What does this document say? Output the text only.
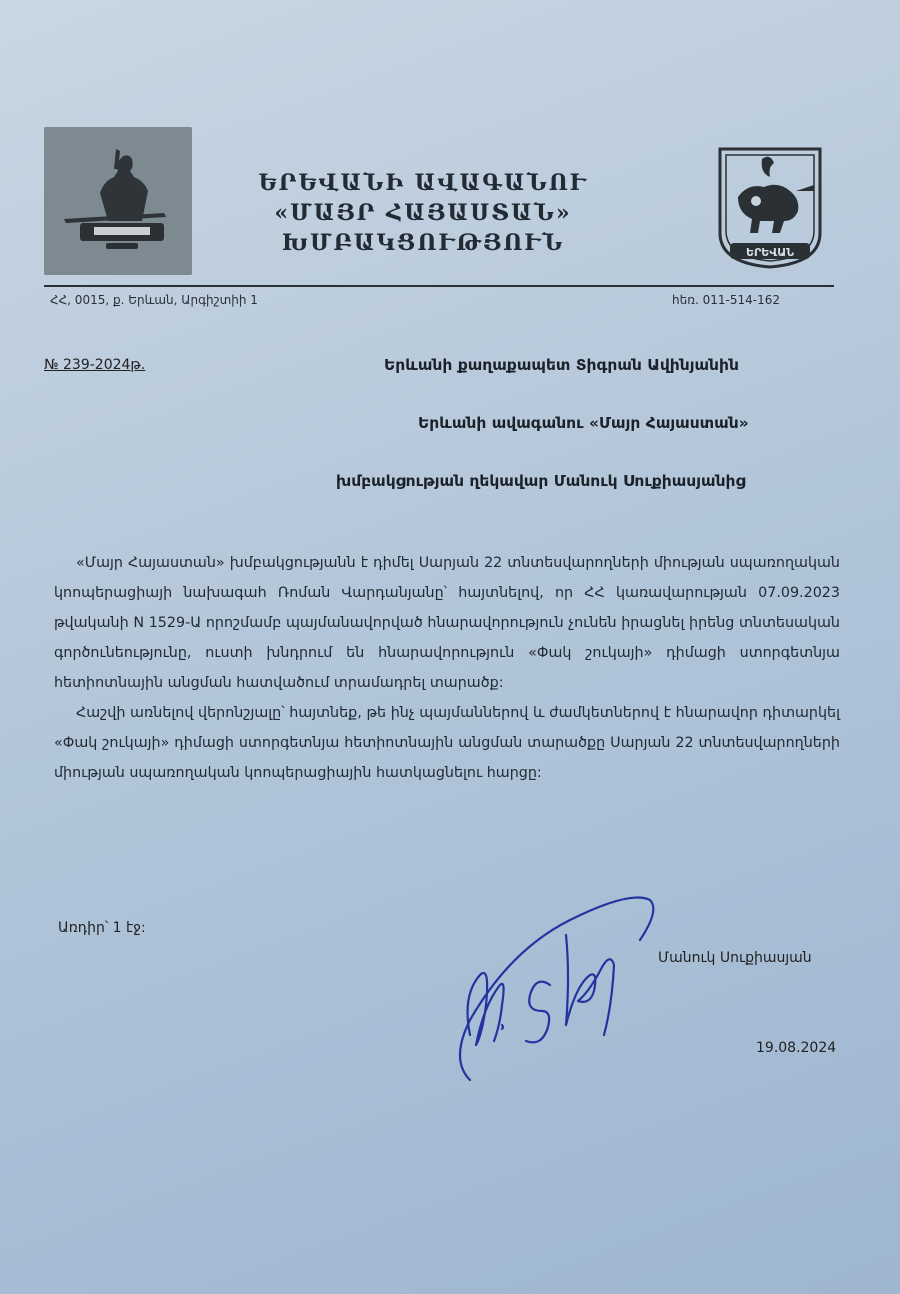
ԵՐԵՎԱՆԻ ԱՎԱԳԱՆՈՒ
«ՄԱՅՐ ՀԱՅԱՍՏԱՆ»
ԽՄԲԱԿՑՈՒԹՅՈՒՆ	ԵՐԵՎԱՆ
ՀՀ, 0015, ք. Երևան, Արգիշտիի 1	հեռ. 011-514-162
№ 239-2024թ.	Երևանի քաղաքապետ Տիգրան Ավինյանին
Երևանի ավագանու «Մայր Հայաստան»
խմբակցության ղեկավար Մանուկ Սուքիասյանից

«Մայր Հայաստան» խմբակցությանն է դիմել Սարյան 22 տնտեսվարողների միության սպառողական կոոպերացիայի նախագահ Ռոման Վարդանյանը՝ հայտնելով, որ ՀՀ կառավարության 07.09.2023 թվականի N 1529-Ա որոշմամբ պայմանավորված հնարավորություն չունեն իրացնել իրենց տնտեսական գործունեությունը, ուստի խնդրում են հնարավորություն «Փակ շուկայի» դիմացի ստորգետնյա հետիոտնային անցման հատվածում տրամադրել տարածք:

Հաշվի առնելով վերոնշյալը՝ հայտնեք, թե ինչ պայմաններով և ժամկետներով է հնարավոր դիտարկել «Փակ շուկայի» դիմացի ստորգետնյա հետիոտնային անցման տարածքը Սարյան 22 տնտեսվարողների միության սպառողական կոոպերացիային հատկացնելու հարցը:

Առդիր՝ 1 էջ:
Մանուկ Սուքիասյան
19.08.2024
